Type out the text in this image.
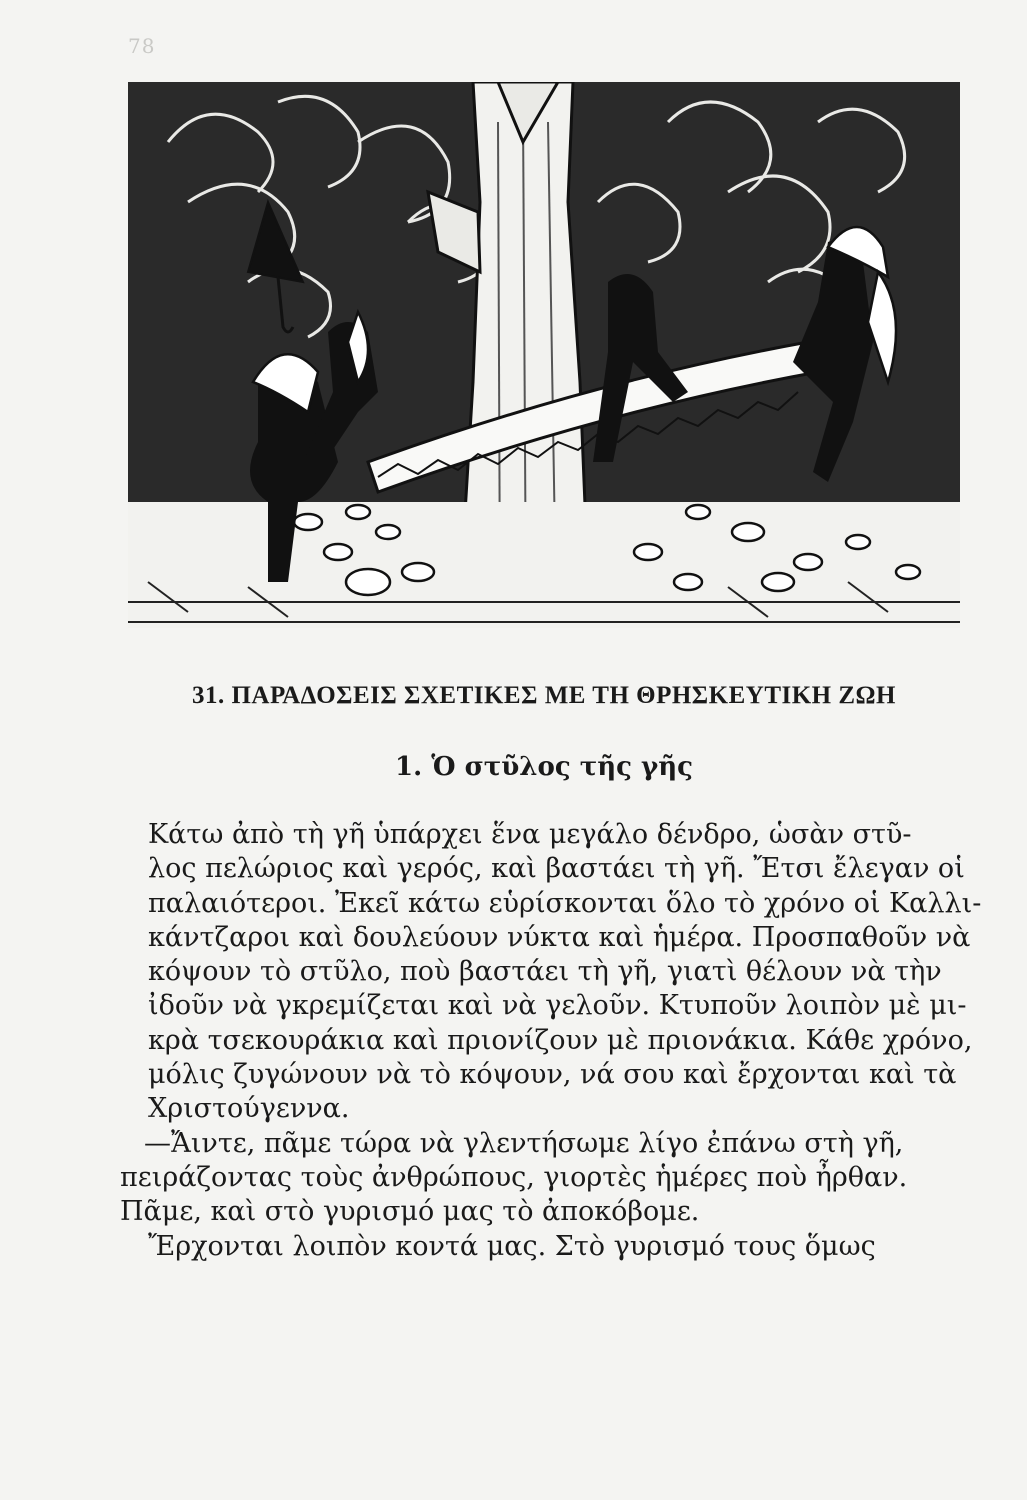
78
31. ΠΑΡΑΔΟΣΕΙΣ ΣΧΕΤΙΚΕΣ ΜΕ ΤΗ ΘΡΗΣΚΕΥΤΙΚΗ ΖΩΗ
1. Ὁ στῦλος τῆς γῆς
Κάτω ἀπὸ τὴ γῆ ὑπάρχει ἕνα μεγάλο δένδρο, ὡσὰν στῦ-
λος πελώριος καὶ γερός, καὶ βαστάει τὴ γῆ. Ἔτσι ἔλεγαν οἱ
παλαιότεροι. Ἐκεῖ κάτω εὑρίσκονται ὅλο τὸ χρόνο οἱ Καλλι-
κάντζαροι καὶ δουλεύουν νύκτα καὶ ἡμέρα. Προσπαθοῦν νὰ
κόψουν τὸ στῦλο, ποὺ βαστάει τὴ γῆ, γιατὶ θέλουν νὰ τὴν
ἰδοῦν νὰ γκρεμίζεται καὶ νὰ γελοῦν. Κτυποῦν λοιπὸν μὲ μι-
κρὰ τσεκουράκια καὶ πριονίζουν μὲ πριονάκια. Κάθε χρόνο,
μόλις ζυγώνουν νὰ τὸ κόψουν, νά σου καὶ ἔρχονται καὶ τὰ
Χριστούγεννα.
—Ἄιντε, πᾶμε τώρα νὰ γλεντήσωμε λίγο ἐπάνω στὴ γῆ,
πειράζοντας τοὺς ἀνθρώπους, γιορτὲς ἡμέρες ποὺ ἦρθαν.
Πᾶμε, καὶ στὸ γυρισμό μας τὸ ἀποκόβομε.
Ἔρχονται λοιπὸν κοντά μας. Στὸ γυρισμό τους ὅμως
